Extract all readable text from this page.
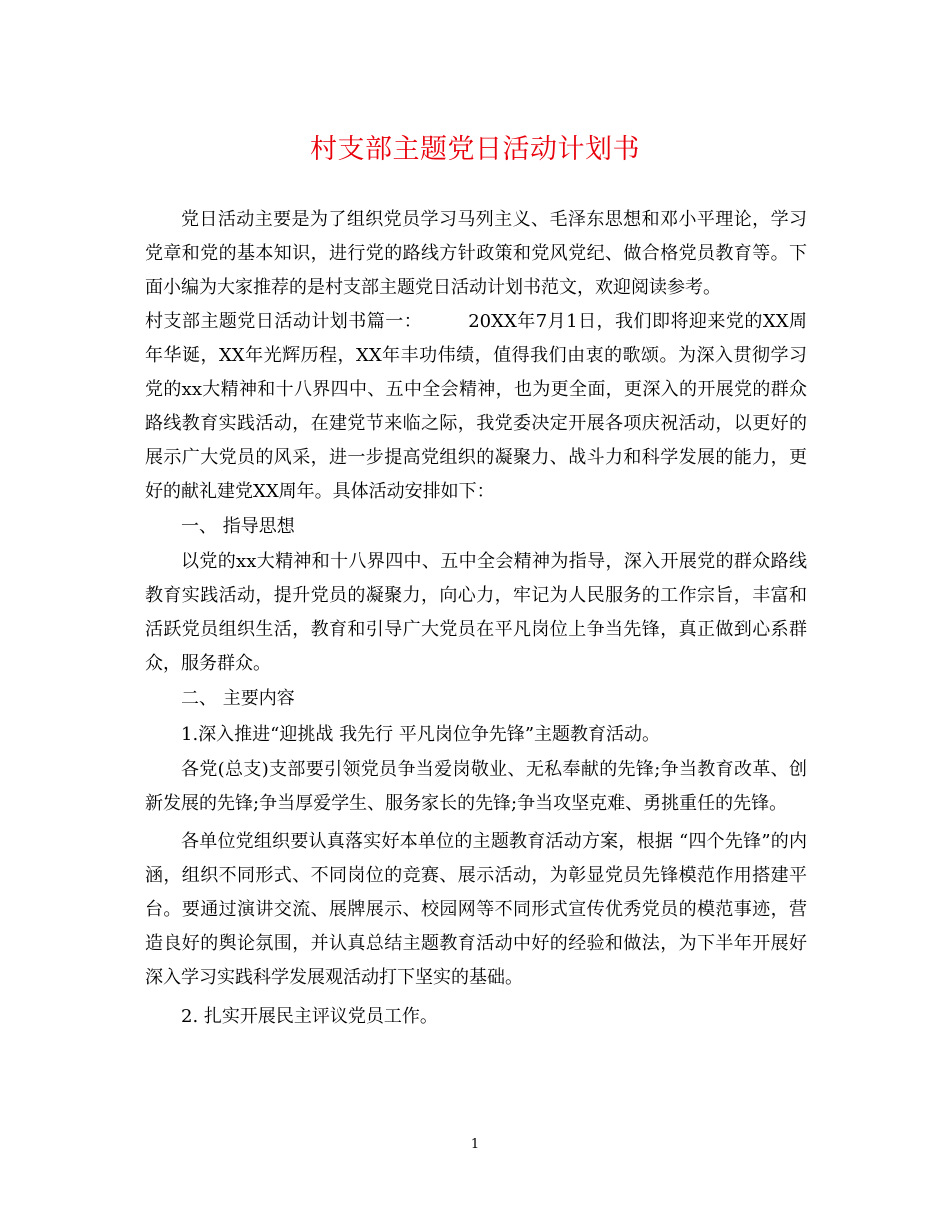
村支部主题党日活动计划书

党日活动主要是为了组织党员学习马列主义、毛泽东思想和邓小平理论，学习党章和党的基本知识，进行党的路线方针政策和党风党纪、做合格党员教育等。下面小编为大家推荐的是村支部主题党日活动计划书范文，欢迎阅读参考。

村支部主题党日活动计划书篇一：	20XX年7月1日，我们即将迎来党的XX周年华诞，XX年光辉历程，XX年丰功伟绩，值得我们由衷的歌颂。为深入贯彻学习党的xx大精神和十八界四中、五中全会精神，也为更全面，更深入的开展党的群众路线教育实践活动，在建党节来临之际，我党委决定开展各项庆祝活动，以更好的展示广大党员的风采，进一步提高党组织的凝聚力、战斗力和科学发展的能力，更好的献礼建党XX周年。具体活动安排如下：

一、 指导思想

以党的xx大精神和十八界四中、五中全会精神为指导，深入开展党的群众路线教育实践活动，提升党员的凝聚力，向心力，牢记为人民服务的工作宗旨，丰富和活跃党员组织生活，教育和引导广大党员在平凡岗位上争当先锋，真正做到心系群众，服务群众。

二、 主要内容

1.深入推进“迎挑战 我先行 平凡岗位争先锋”主题教育活动。

各党(总支)支部要引领党员争当爱岗敬业、无私奉献的先锋;争当教育改革、创新发展的先锋;争当厚爱学生、服务家长的先锋;争当攻坚克难、勇挑重任的先锋。

各单位党组织要认真落实好本单位的主题教育活动方案，根据 “四个先锋”的内涵，组织不同形式、不同岗位的竞赛、展示活动，为彰显党员先锋模范作用搭建平台。要通过演讲交流、展牌展示、校园网等不同形式宣传优秀党员的模范事迹，营造良好的舆论氛围，并认真总结主题教育活动中好的经验和做法，为下半年开展好深入学习实践科学发展观活动打下坚实的基础。

2. 扎实开展民主评议党员工作。

1
